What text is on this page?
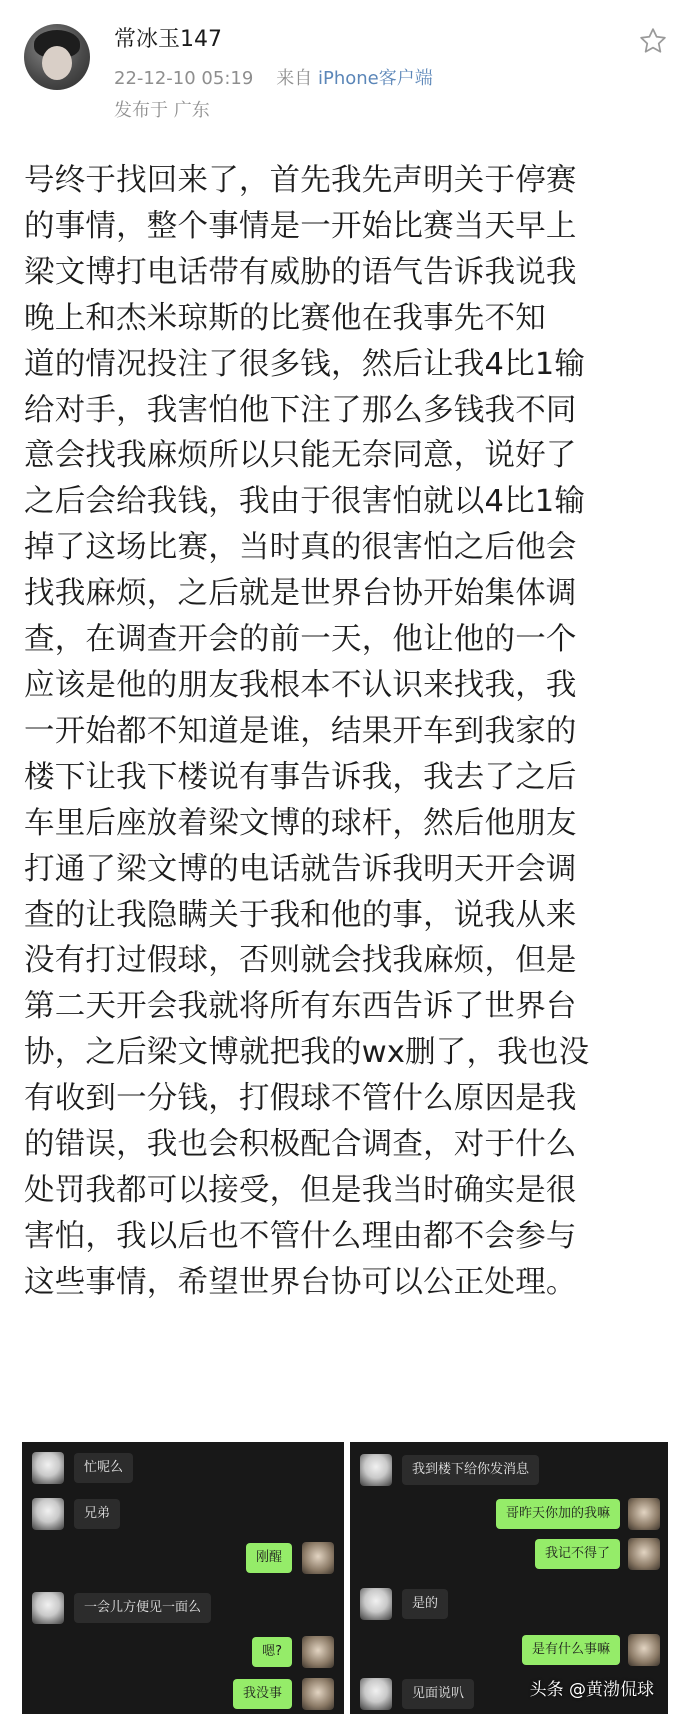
常冰玉147
22-12-10 05:19 来自 iPhone客户端
发布于 广东
号终于找回来了，首先我先声明关于停赛
的事情，整个事情是一开始比赛当天早上
梁文博打电话带有威胁的语气告诉我说我
晚上和杰米琼斯的比赛他在我事先不知
道的情况投注了很多钱，然后让我4比1输
给对手，我害怕他下注了那么多钱我不同
意会找我麻烦所以只能无奈同意，说好了
之后会给我钱，我由于很害怕就以4比1输
掉了这场比赛，当时真的很害怕之后他会
找我麻烦，之后就是世界台协开始集体调
查，在调查开会的前一天，他让他的一个
应该是他的朋友我根本不认识来找我，我
一开始都不知道是谁，结果开车到我家的
楼下让我下楼说有事告诉我，我去了之后
车里后座放着梁文博的球杆，然后他朋友
打通了梁文博的电话就告诉我明天开会调
查的让我隐瞒关于我和他的事，说我从来
没有打过假球，否则就会找我麻烦，但是
第二天开会我就将所有东西告诉了世界台
协，之后梁文博就把我的wx删了，我也没
有收到一分钱，打假球不管什么原因是我
的错误，我也会积极配合调查，对于什么
处罚我都可以接受，但是我当时确实是很
害怕，我以后也不管什么理由都不会参与
这些事情，希望世界台协可以公正处理。
忙呢么
兄弟
刚醒
一会儿方便见一面么
嗯?
我没事
我到楼下给你发消息
哥昨天你加的我嘛
我记不得了
是的
是有什么事嘛
见面说叭	头条 @黄渤侃球
